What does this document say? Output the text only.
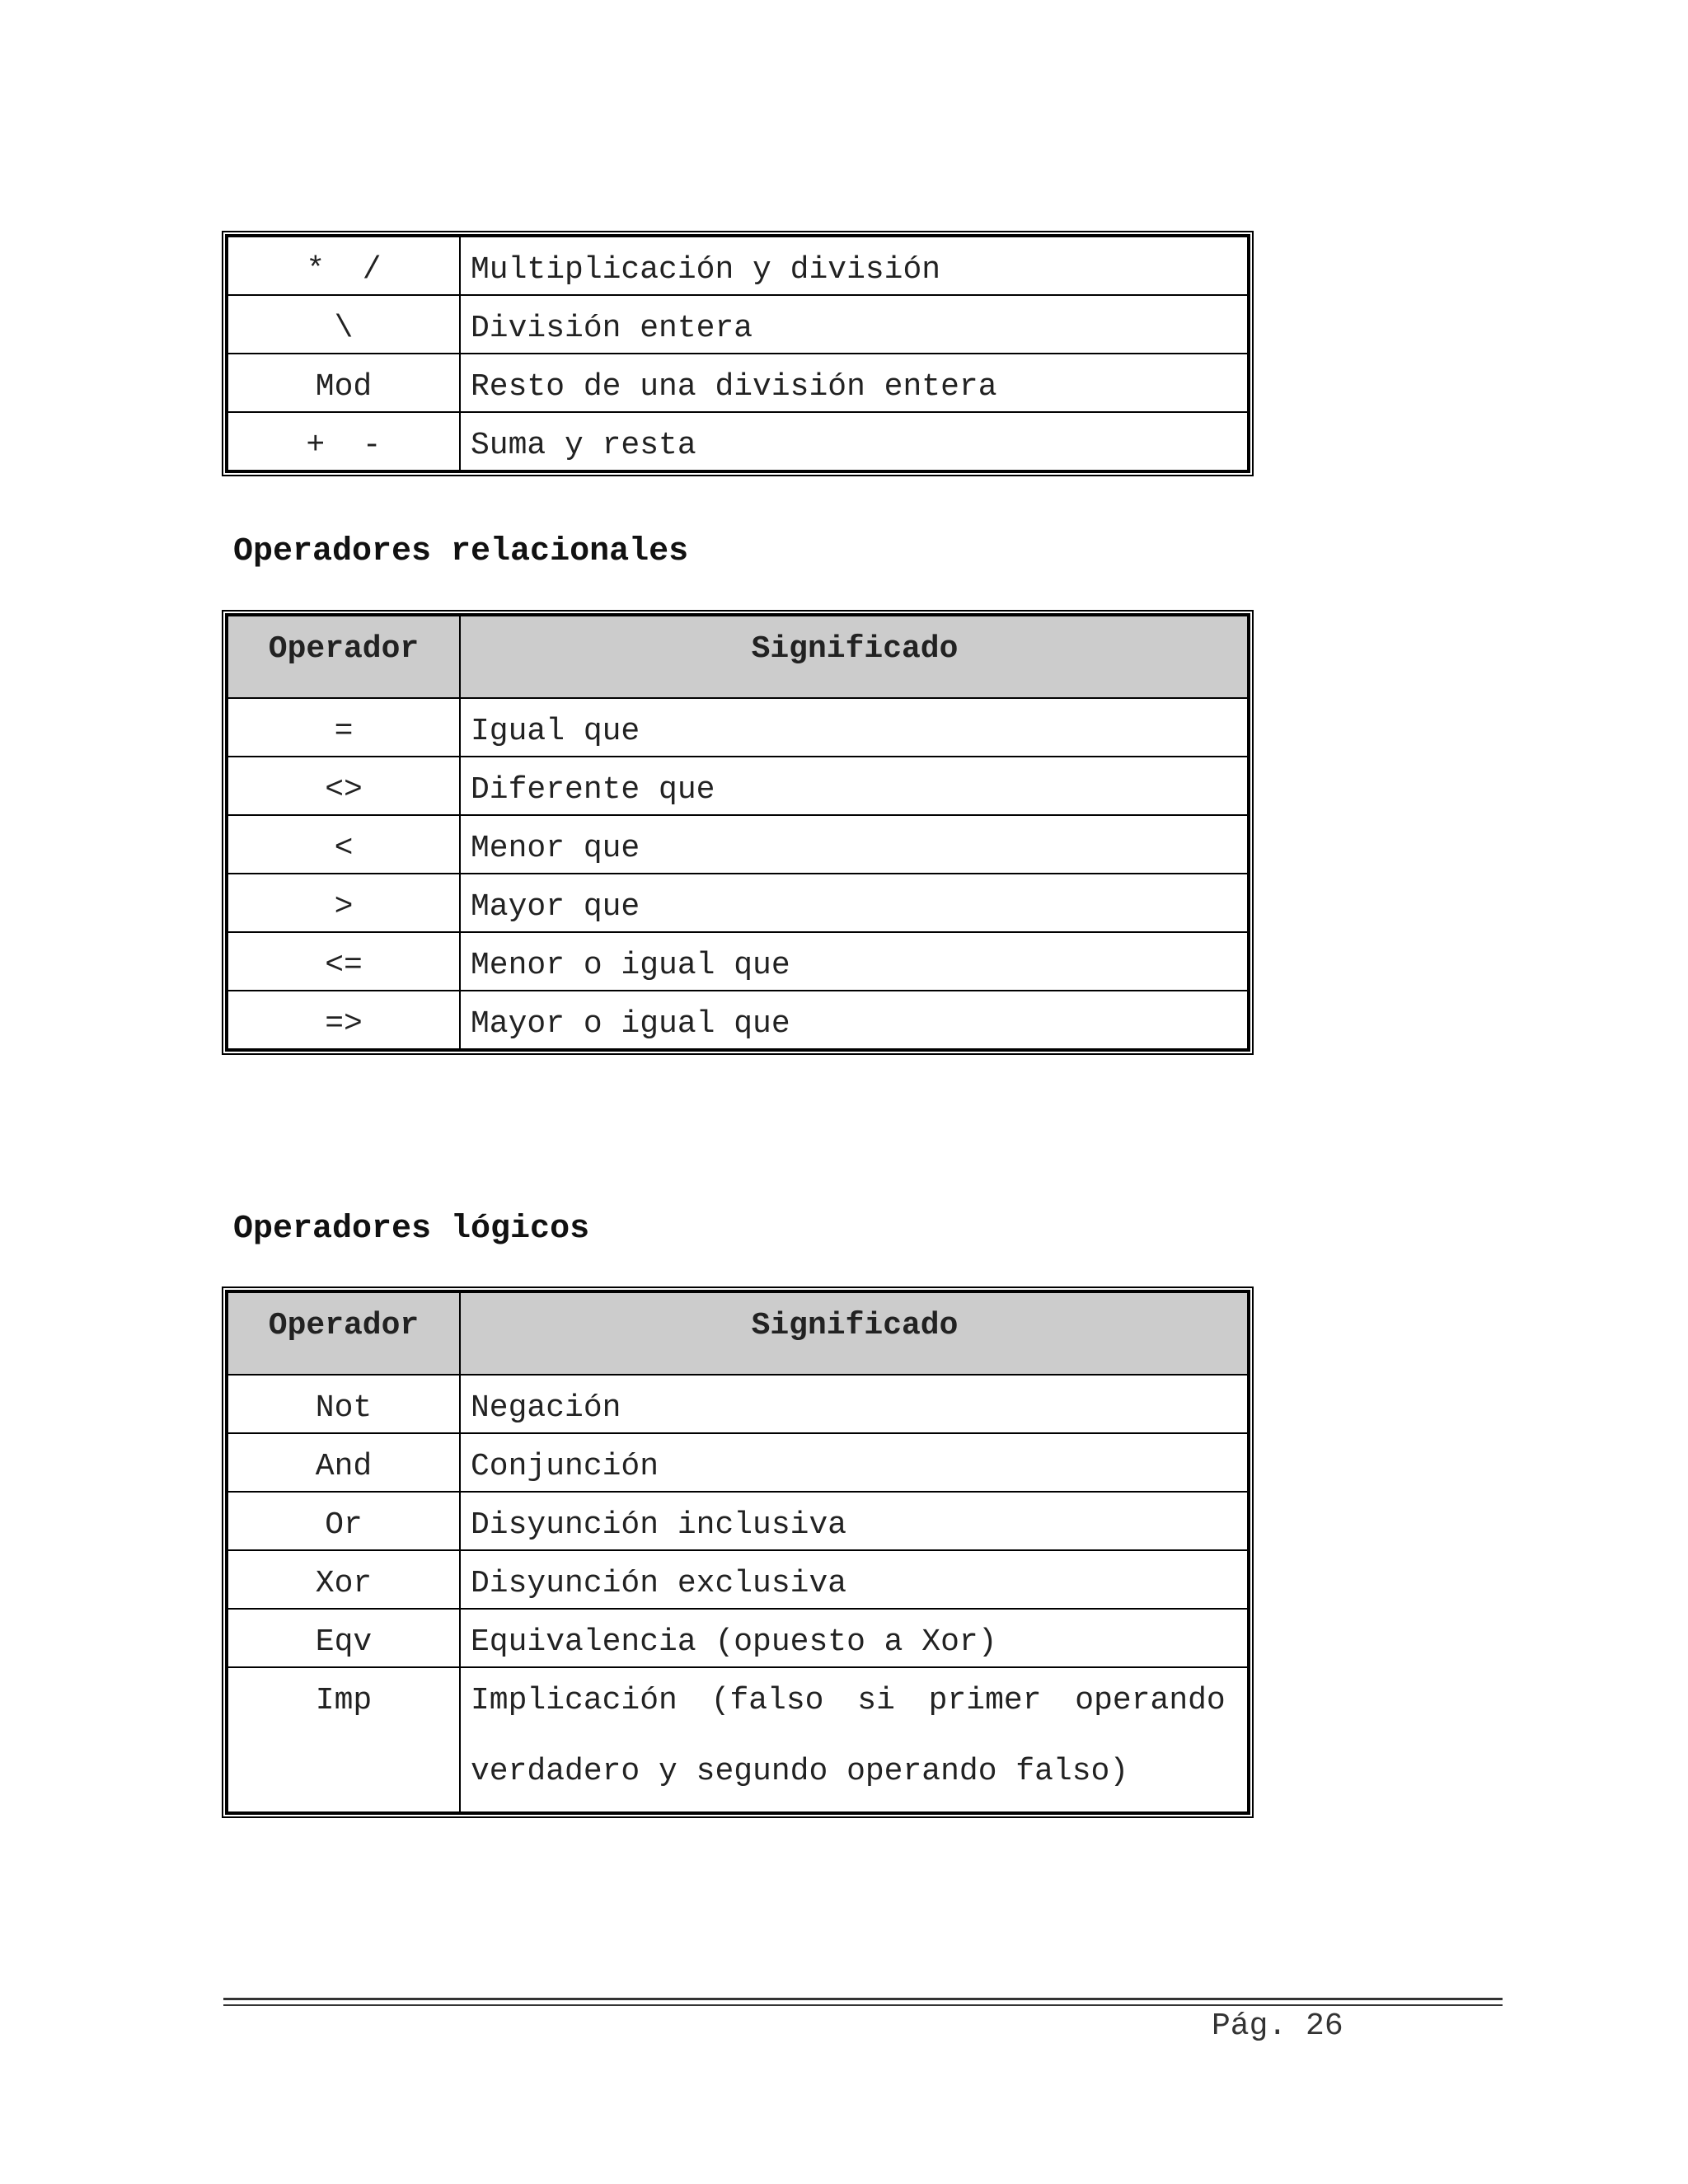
*  /	Multiplicación y división
\	División entera
Mod	Resto de una división entera
+  -	Suma y resta
Operadores relacionales
Operador	Significado
=	Igual que
<>	Diferente que
<	Menor que
>	Mayor que
<=	Menor o igual que
=>	Mayor o igual que
Operadores lógicos
Operador	Significado
Not	Negación
And	Conjunción
Or	Disyunción inclusiva
Xor	Disyunción exclusiva
Eqv	Equivalencia (opuesto a Xor)
Imp	Implicación (falso si primer operando
verdadero y segundo operando falso)
Pág. 26
